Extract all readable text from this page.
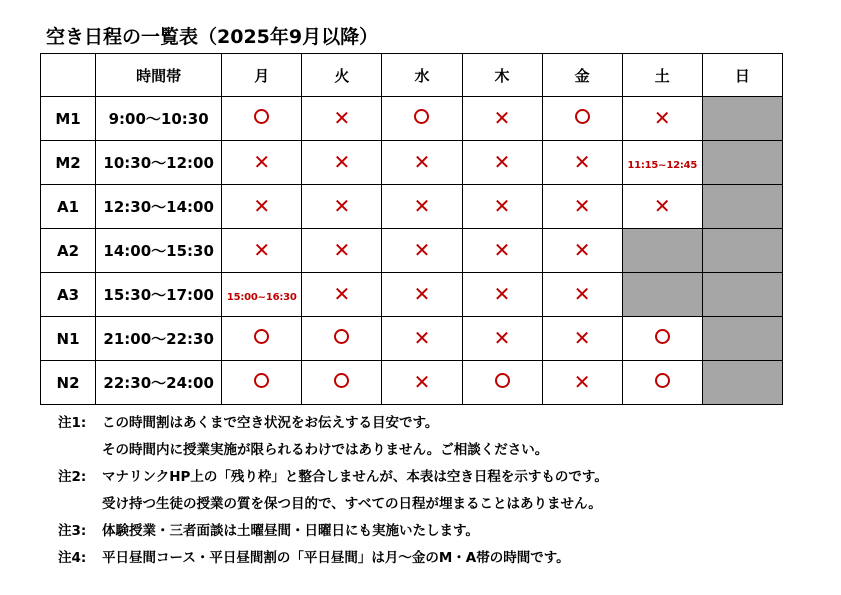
空き日程の一覧表（2025年9月以降）
	時間帯	月	火	水	木	金	土	日
M1	9:00〜10:30		✕		✕		✕	
M2	10:30〜12:00	✕	✕	✕	✕	✕	11:15~12:45	
A1	12:30〜14:00	✕	✕	✕	✕	✕	✕	
A2	14:00〜15:30	✕	✕	✕	✕	✕		
A3	15:30〜17:00	15:00~16:30	✕	✕	✕	✕		
N1	21:00〜22:30			✕	✕	✕		
N2	22:30〜24:00			✕		✕		
注1: この時間割はあくまで空き状況をお伝えする目安です。
その時間内に授業実施が限られるわけではありません。ご相談ください。
注2: マナリンクHP上の「残り枠」と整合しませんが、本表は空き日程を示すものです。
受け持つ生徒の授業の質を保つ目的で、すべての日程が埋まることはありません。
注3: 体験授業・三者面談は土曜昼間・日曜日にも実施いたします。
注4: 平日昼間コース・平日昼間割の「平日昼間」は月〜金のM・A帯の時間です。
